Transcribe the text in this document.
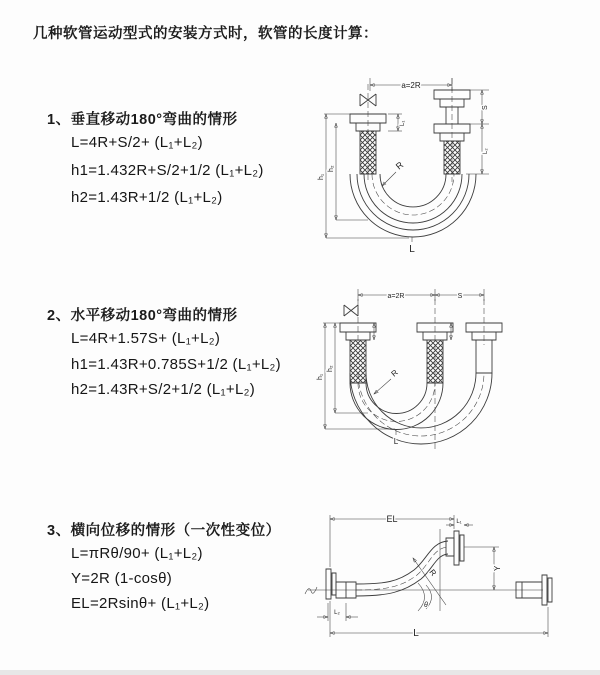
几种软管运动型式的安装方式时，软管的长度计算：
1、垂直移动180°弯曲的情形
L=4R+S/2+ (L₁+L₂)
h1=1.432R+S/2+1/2 (L₁+L₂)
h2=1.43R+1/2 (L₁+L₂)
2、水平移动180°弯曲的情形
L=4R+1.57S+ (L₁+L₂)
h1=1.43R+0.785S+1/2 (L₁+L₂)
h2=1.43R+S/2+1/2 (L₁+L₂)
3、横向位移的情形（一次性变位）
L=πRθ/90+ (L₁+L₂)
Y=2R (1-cosθ)
EL=2Rsinθ+ (L₁+L₂)
a=2R
R
h₁
h₂
L₁
S
L₂
L
a=2R	S
R
h₁
h₂
L
EL	L₁
Y
R
θ
L₂
L
